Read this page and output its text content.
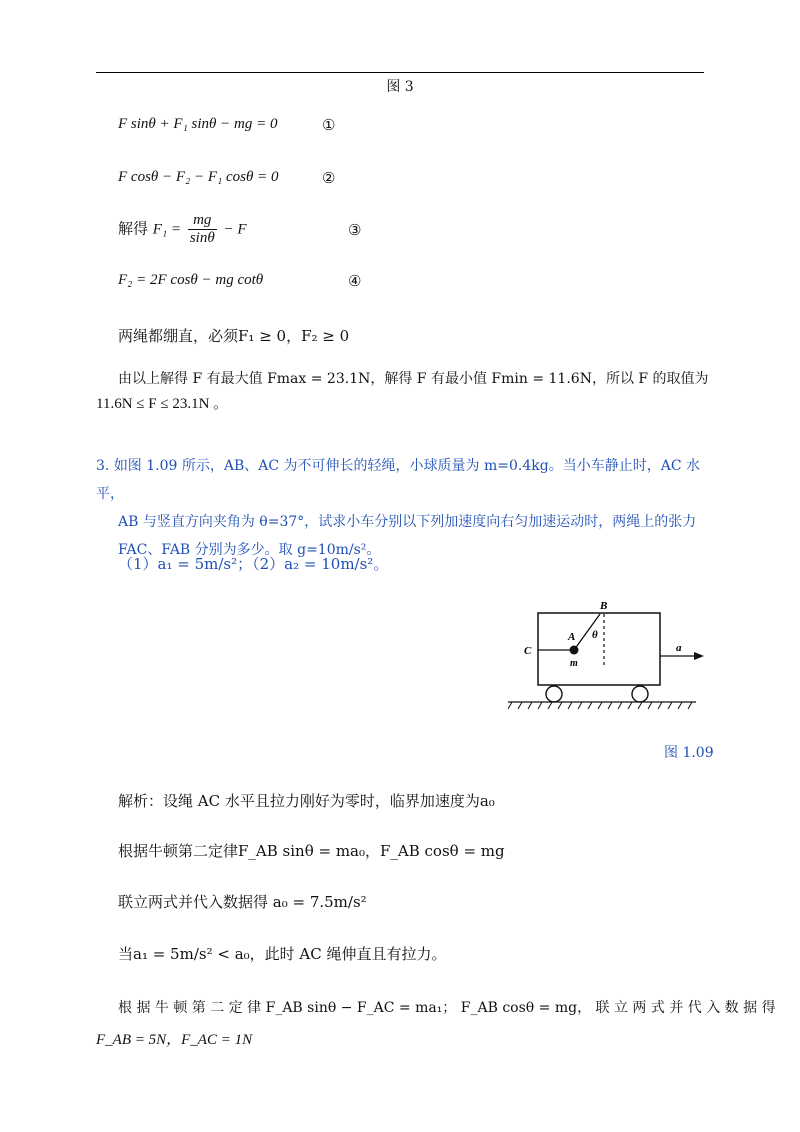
图 3
F sinθ + F₁ sinθ − mg = 0	①
F cosθ − F₂ − F₁ cosθ = 0	②
解得 $F_1 = \frac{mg}{\sin\theta} - F$	③
F₂ = 2F cosθ − mg cotθ	④
两绳都绷直，必须F₁ ≥ 0，F₂ ≥ 0
由以上解得 F 有最大值 Fmax = 23.1N，解得 F 有最小值 Fmin = 11.6N，所以 F 的取值为
11.6N ≤ F ≤ 23.1N 。
3. 如图 1.09 所示，AB、AC 为不可伸长的轻绳，小球质量为 m=0.4kg。当小车静止时，AC 水平，
AB 与竖直方向夹角为 θ=37°，试求小车分别以下列加速度向右匀加速运动时，两绳上的张力
FAC、FAB 分别为多少。取 g=10m/s²。
（1）a₁ = 5m/s²；（2）a₂ = 10m/s²。
B
C
A θ
m
a
图 1.09
解析：设绳 AC 水平且拉力刚好为零时，临界加速度为a₀
根据牛顿第二定律F_AB sinθ = ma₀，F_AB cosθ = mg
联立两式并代入数据得 a₀ = 7.5m/s²
当a₁ = 5m/s² < a₀，此时 AC 绳伸直且有拉力。
根 据 牛 顿 第 二 定 律 F_AB sinθ − F_AC = ma₁； F_AB cosθ = mg， 联 立 两 式 并 代 入 数 据 得
F_AB = 5N，F_AC = 1N
